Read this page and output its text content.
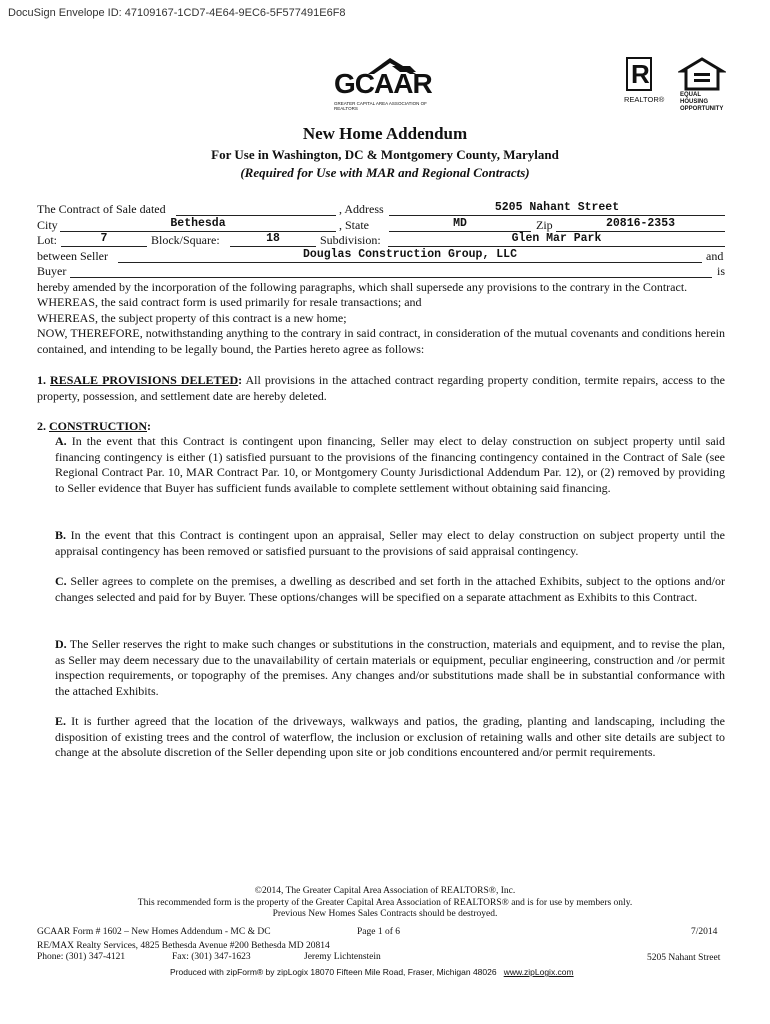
DocuSign Envelope ID: 47109167-1CD7-4E64-9EC6-5F577491E6F8
GCAAR
GREATER CAPITAL AREA ASSOCIATION OF REALTORS
R
REALTOR®	EQUAL HOUSING OPPORTUNITY
New Home Addendum
For Use in Washington, DC & Montgomery County, Maryland
(Required for Use with MAR and Regional Contracts)
The Contract of Sale dated	, Address	5205 Nahant Street
City	Bethesda	, State	MD	Zip	20816-2353
Lot:	7	Block/Square:	18	Subdivision:	Glen Mar Park
between Seller	Douglas Construction Group, LLC	and
Buyer	is
hereby amended by the incorporation of the following paragraphs, which shall supersede any provisions to the contrary in the Contract.
WHEREAS, the said contract form is used primarily for resale transactions; and
WHEREAS, the subject property of this contract is a new home;
NOW, THEREFORE, notwithstanding anything to the contrary in said contract, in consideration of the mutual covenants and conditions herein contained, and intending to be legally bound, the Parties hereto agree as follows:
1. RESALE PROVISIONS DELETED: All provisions in the attached contract regarding property condition, termite repairs, access to the property, possession, and settlement date are hereby deleted.
2. CONSTRUCTION:
A. In the event that this Contract is contingent upon financing, Seller may elect to delay construction on subject property until said financing contingency is either (1) satisfied pursuant to the provisions of the financing contingency contained in the Contract of Sale (see Regional Contract Par. 10, MAR Contract Par. 10, or Montgomery County Jurisdictional Addendum Par. 12), or (2) removed by providing to Seller evidence that Buyer has sufficient funds available to complete settlement without obtaining said financing.
B. In the event that this Contract is contingent upon an appraisal, Seller may elect to delay construction on subject property until the appraisal contingency has been removed or satisfied pursuant to the provisions of said appraisal contingency.
C. Seller agrees to complete on the premises, a dwelling as described and set forth in the attached Exhibits, subject to the options and/or changes selected and paid for by Buyer. These options/changes will be specified on a separate attachment as Exhibits to this Contract.
D. The Seller reserves the right to make such changes or substitutions in the construction, materials and equipment, and to revise the plan, as Seller may deem necessary due to the unavailability of certain materials or equipment, peculiar engineering, construction and /or permit inspection requirements, or topography of the premises. Any changes and/or substitutions made shall be in substantial conformance with the attached Exhibits.
E. It is further agreed that the location of the driveways, walkways and patios, the grading, planting and landscaping, including the disposition of existing trees and the control of waterflow, the inclusion or exclusion of retaining walls and other site details are subject to change at the absolute discretion of the Seller depending upon site or job conditions encountered and/or permit requirements.
©2014, The Greater Capital Area Association of REALTORS®, Inc.
This recommended form is the property of the Greater Capital Area Association of REALTORS® and is for use by members only.
Previous New Homes Sales Contracts should be destroyed.
GCAAR Form # 1602 – New Homes Addendum - MC & DC	Page 1 of 6	7/2014
RE/MAX Realty Services, 4825 Bethesda Avenue #200 Bethesda MD 20814
Phone: (301) 347-4121	Fax: (301) 347-1623	Jeremy Lichtenstein	5205 Nahant Street
Produced with zipForm® by zipLogix 18070 Fifteen Mile Road, Fraser, Michigan 48026 www.zipLogix.com
